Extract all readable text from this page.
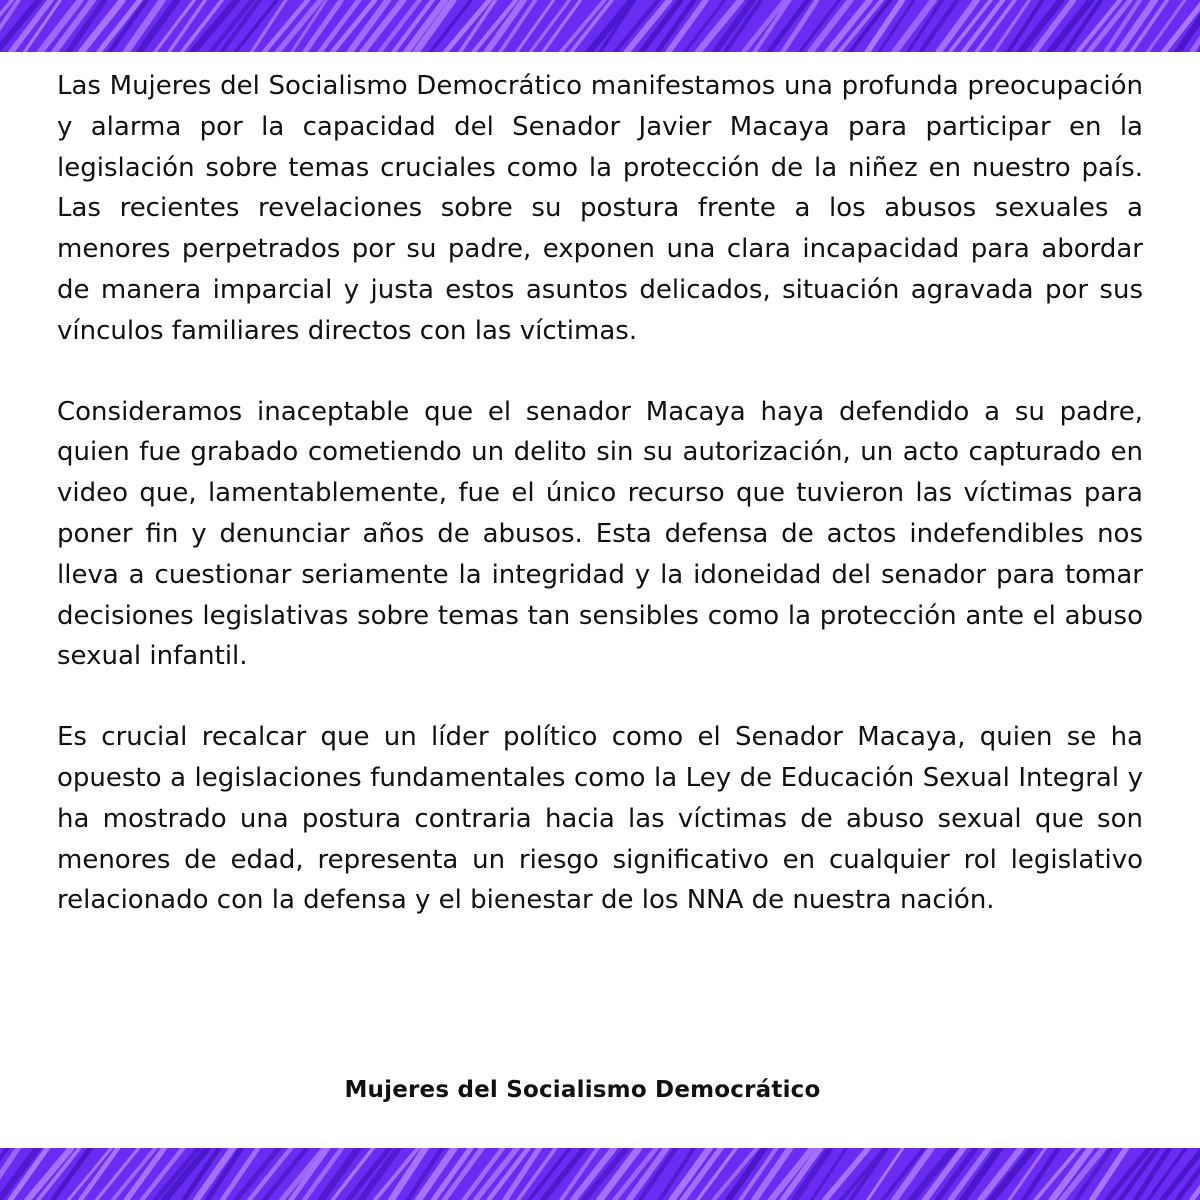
Las Mujeres del Socialismo Democrático manifestamos una profunda preocupación y alarma por la capacidad del Senador Javier Macaya para participar en la legislación sobre temas cruciales como la protección de la niñez en nuestro país. Las recientes revelaciones sobre su postura frente a los abusos sexuales a menores perpetrados por su padre, exponen una clara incapacidad para abordar de manera imparcial y justa estos asuntos delicados, situación agravada por sus vínculos familiares directos con las víctimas.

Consideramos inaceptable que el senador Macaya haya defendido a su padre, quien fue grabado cometiendo un delito sin su autorización, un acto capturado en video que, lamentablemente, fue el único recurso que tuvieron las víctimas para poner fin y denunciar años de abusos. Esta defensa de actos indefendibles nos lleva a cuestionar seriamente la integridad y la idoneidad del senador para tomar decisiones legislativas sobre temas tan sensibles como la protección ante el abuso sexual infantil.

Es crucial recalcar que un líder político como el Senador Macaya, quien se ha opuesto a legislaciones fundamentales como la Ley de Educación Sexual Integral y ha mostrado una postura contraria hacia las víctimas de abuso sexual que son menores de edad, representa un riesgo significativo en cualquier rol legislativo relacionado con la defensa y el bienestar de los NNA de nuestra nación.

Mujeres del Socialismo Democrático
